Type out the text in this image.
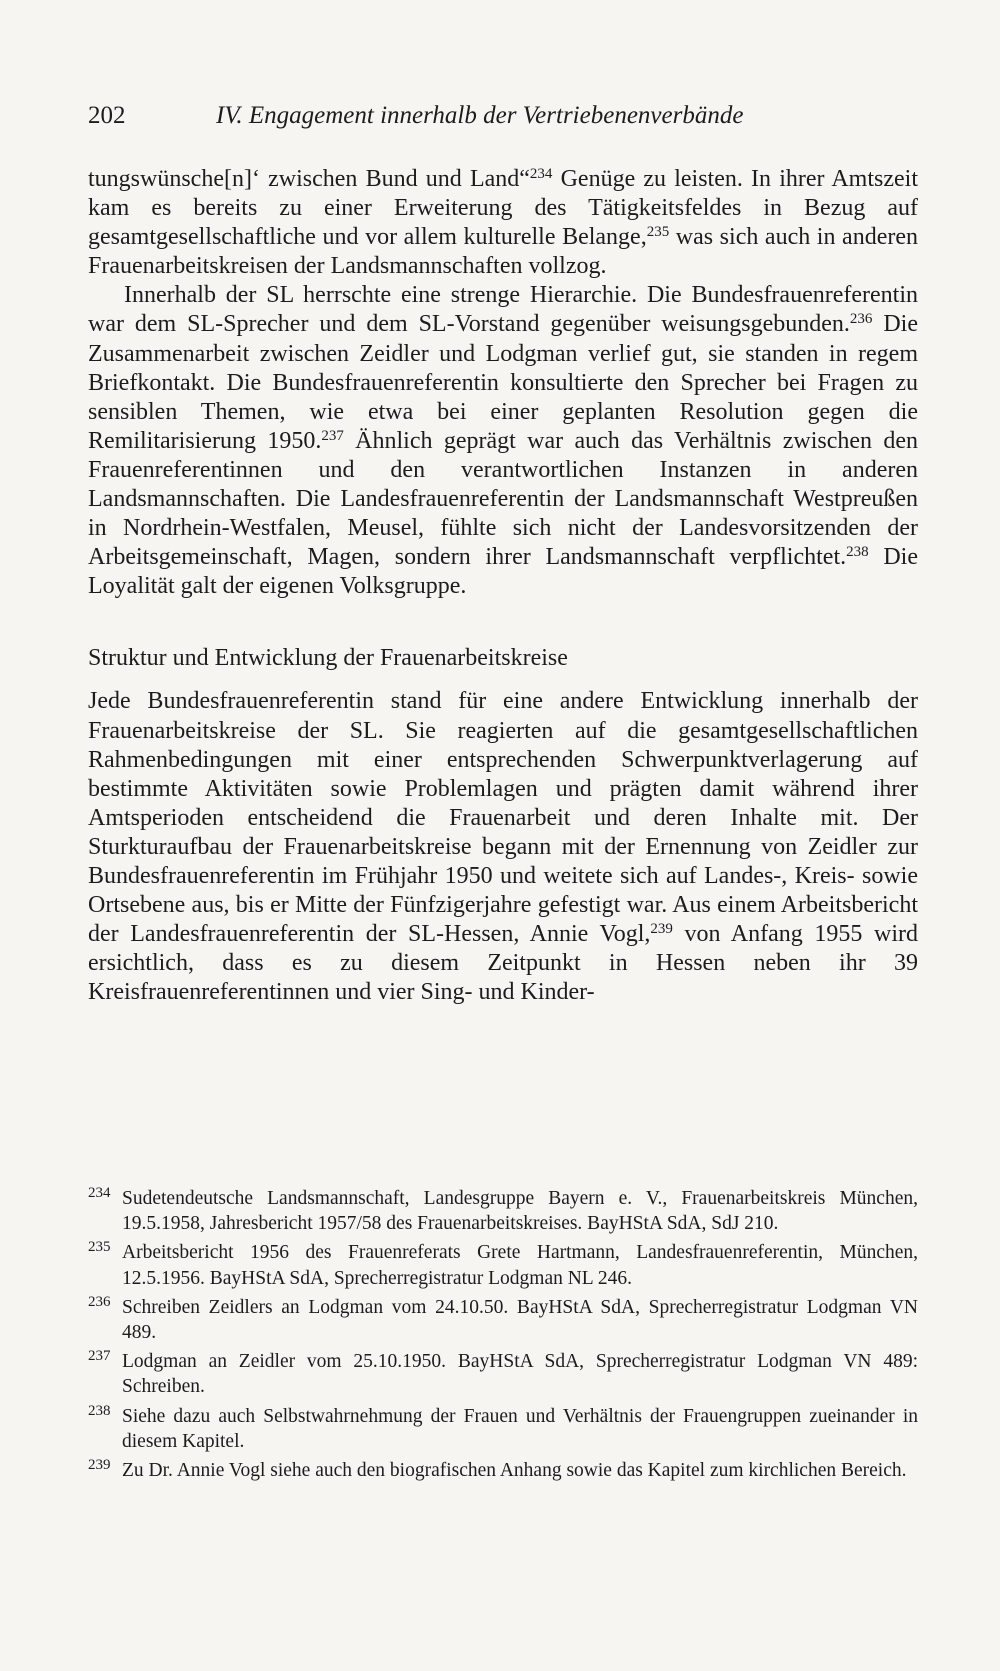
202	IV. Engagement innerhalb der Vertriebenenverbände

tungswünsche[n]‘ zwischen Bund und Land“$^{234}$ Genüge zu leisten. In ihrer Amtszeit kam es bereits zu einer Erweiterung des Tätigkeitsfeldes in Bezug auf gesamtgesellschaftliche und vor allem kulturelle Belange,$^{235}$ was sich auch in anderen Frauenarbeitskreisen der Landsmannschaften vollzog.

Innerhalb der SL herrschte eine strenge Hierarchie. Die Bundesfrauenreferentin war dem SL-Sprecher und dem SL-Vorstand gegenüber weisungsgebunden.$^{236}$ Die Zusammenarbeit zwischen Zeidler und Lodgman verlief gut, sie standen in regem Briefkontakt. Die Bundesfrauenreferentin konsultierte den Sprecher bei Fragen zu sensiblen Themen, wie etwa bei einer geplanten Resolution gegen die Remilitarisierung 1950.$^{237}$ Ähnlich geprägt war auch das Verhältnis zwischen den Frauenreferentinnen und den verantwortlichen Instanzen in anderen Landsmannschaften. Die Landesfrauenreferentin der Landsmannschaft Westpreußen in Nordrhein-Westfalen, Meusel, fühlte sich nicht der Landesvorsitzenden der Arbeitsgemeinschaft, Magen, sondern ihrer Landsmannschaft verpflichtet.$^{238}$ Die Loyalität galt der eigenen Volksgruppe.

Struktur und Entwicklung der Frauenarbeitskreise

Jede Bundesfrauenreferentin stand für eine andere Entwicklung innerhalb der Frauenarbeitskreise der SL. Sie reagierten auf die gesamtgesellschaftlichen Rahmenbedingungen mit einer entsprechenden Schwerpunktverlagerung auf bestimmte Aktivitäten sowie Problemlagen und prägten damit während ihrer Amtsperioden entscheidend die Frauenarbeit und deren Inhalte mit. Der Sturkturaufbau der Frauenarbeitskreise begann mit der Ernennung von Zeidler zur Bundesfrauenreferentin im Frühjahr 1950 und weitete sich auf Landes-, Kreis- sowie Ortsebene aus, bis er Mitte der Fünfzigerjahre gefestigt war. Aus einem Arbeitsbericht der Landesfrauenreferentin der SL-Hessen, Annie Vogl,$^{239}$ von Anfang 1955 wird ersichtlich, dass es zu diesem Zeitpunkt in Hessen neben ihr 39 Kreisfrauenreferentinnen und vier Sing- und Kinder-

234 Sudetendeutsche Landsmannschaft, Landesgruppe Bayern e. V., Frauenarbeitskreis München, 19.5.1958, Jahresbericht 1957/58 des Frauenarbeitskreises. BayHStA SdA, SdJ 210.
235 Arbeitsbericht 1956 des Frauenreferats Grete Hartmann, Landesfrauenreferentin, München, 12.5.1956. BayHStA SdA, Sprecherregistratur Lodgman NL 246.
236 Schreiben Zeidlers an Lodgman vom 24.10.50. BayHStA SdA, Sprecherregistratur Lodgman VN 489.
237 Lodgman an Zeidler vom 25.10.1950. BayHStA SdA, Sprecherregistratur Lodgman VN 489: Schreiben.
238 Siehe dazu auch Selbstwahrnehmung der Frauen und Verhältnis der Frauengruppen zueinander in diesem Kapitel.
239 Zu Dr. Annie Vogl siehe auch den biografischen Anhang sowie das Kapitel zum kirchlichen Bereich.
